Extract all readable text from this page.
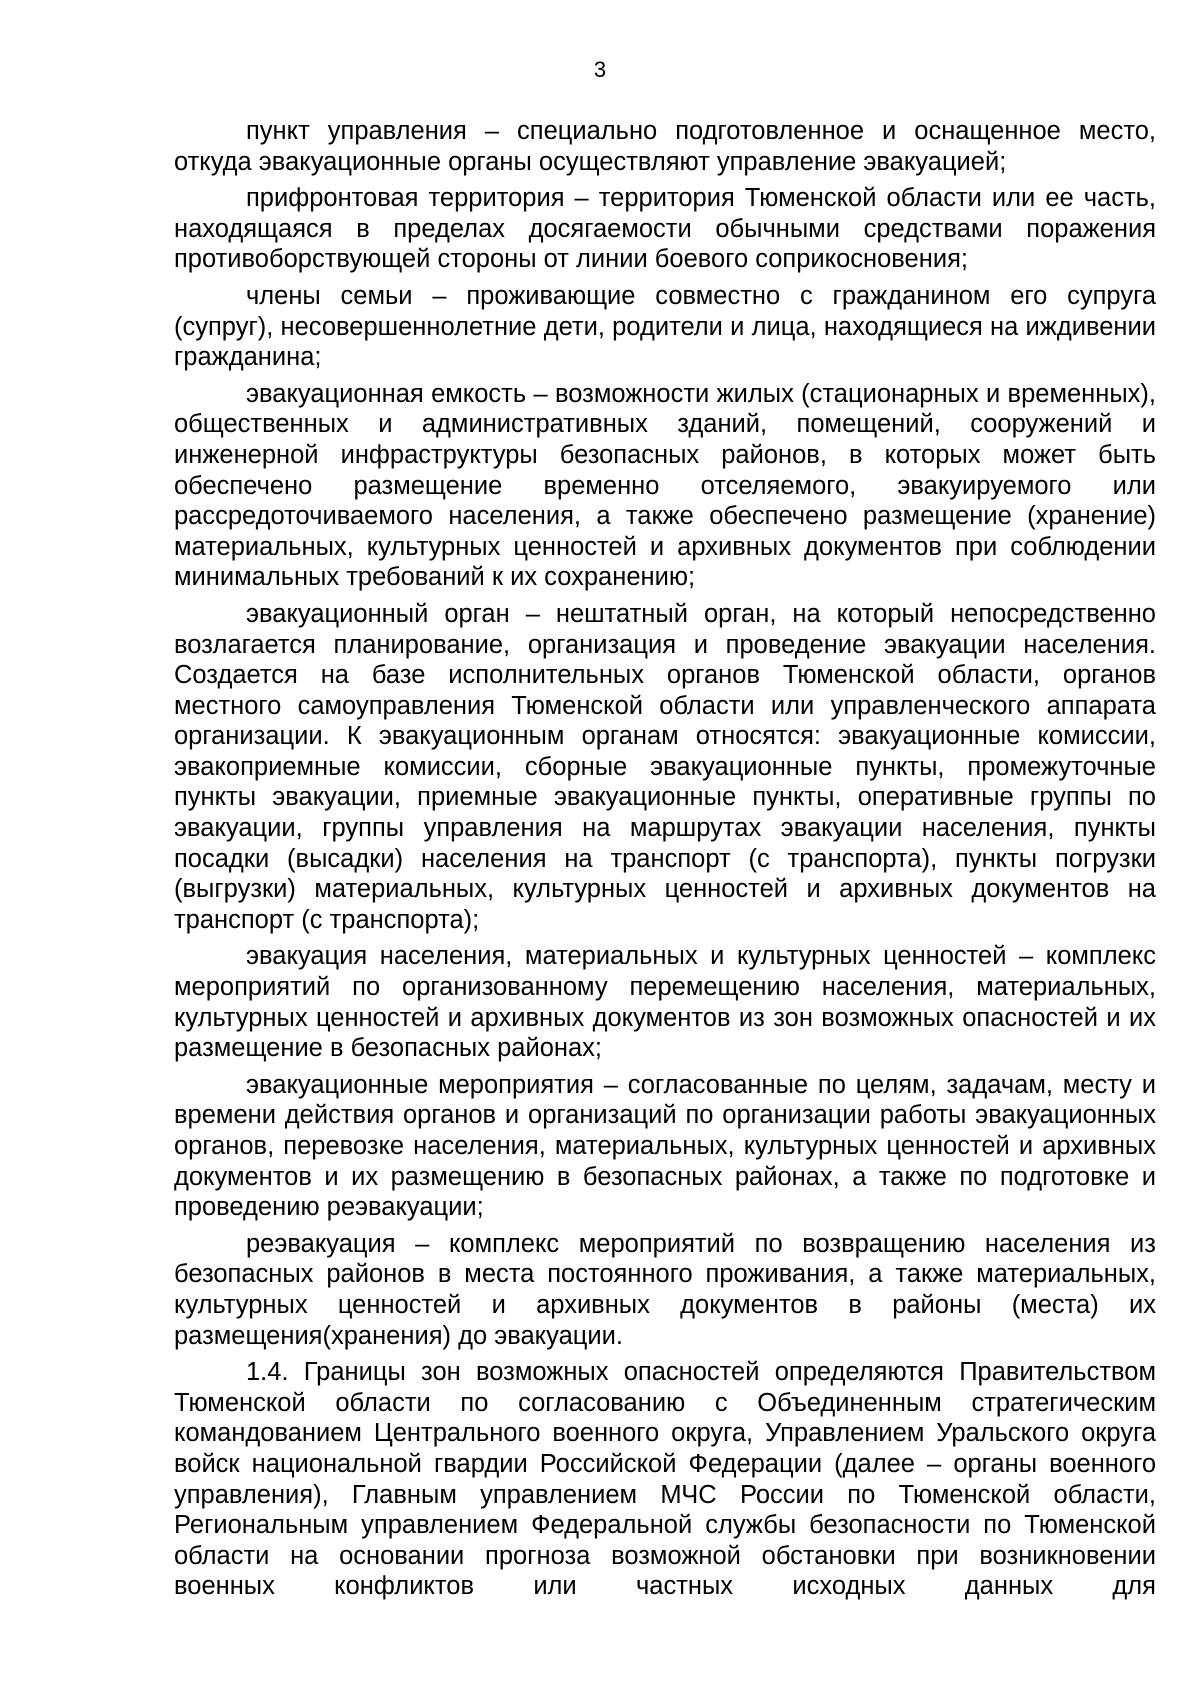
3

пункт управления – специально подготовленное и оснащенное место, откуда эвакуационные органы осуществляют управление эвакуацией;

прифронтовая территория – территория Тюменской области или ее часть, находящаяся в пределах досягаемости обычными средствами поражения противоборствующей стороны от линии боевого соприкосновения;

члены семьи – проживающие совместно с гражданином его супруга (супруг), несовершеннолетние дети, родители и лица, находящиеся на иждивении гражданина;

эвакуационная емкость – возможности жилых (стационарных и временных), общественных и административных зданий, помещений, сооружений и инженерной инфраструктуры безопасных районов, в которых может быть обеспечено размещение временно отселяемого, эвакуируемого или рассредоточиваемого населения, а также обеспечено размещение (хранение) материальных, культурных ценностей и архивных документов при соблюдении минимальных требований к их сохранению;

эвакуационный орган – нештатный орган, на который непосредственно возлагается планирование, организация и проведение эвакуации населения. Создается на базе исполнительных органов Тюменской области, органов местного самоуправления Тюменской области или управленческого аппарата организации. К эвакуационным органам относятся: эвакуационные комиссии, эвакоприемные комиссии, сборные эвакуационные пункты, промежуточные пункты эвакуации, приемные эвакуационные пункты, оперативные группы по эвакуации, группы управления на маршрутах эвакуации населения, пункты посадки (высадки) населения на транспорт (с транспорта), пункты погрузки (выгрузки) материальных, культурных ценностей и архивных документов на транспорт (с транспорта);

эвакуация населения, материальных и культурных ценностей – комплекс мероприятий по организованному перемещению населения, материальных, культурных ценностей и архивных документов из зон возможных опасностей и их размещение в безопасных районах;

эвакуационные мероприятия – согласованные по целям, задачам, месту и времени действия органов и организаций по организации работы эвакуационных органов, перевозке населения, материальных, культурных ценностей и архивных документов и их размещению в безопасных районах, а также по подготовке и проведению реэвакуации;

реэвакуация – комплекс мероприятий по возвращению населения из безопасных районов в места постоянного проживания, а также материальных, культурных ценностей и архивных документов в районы (места) их размещения(хранения) до эвакуации.

1.4. Границы зон возможных опасностей определяются Правительством Тюменской области по согласованию с Объединенным стратегическим командованием Центрального военного округа, Управлением Уральского округа войск национальной гвардии Российской Федерации (далее – органы военного управления), Главным управлением МЧС России по Тюменской области, Региональным управлением Федеральной службы безопасности по Тюменской области на основании прогноза возможной обстановки при возникновении военных конфликтов или частных исходных данных для
